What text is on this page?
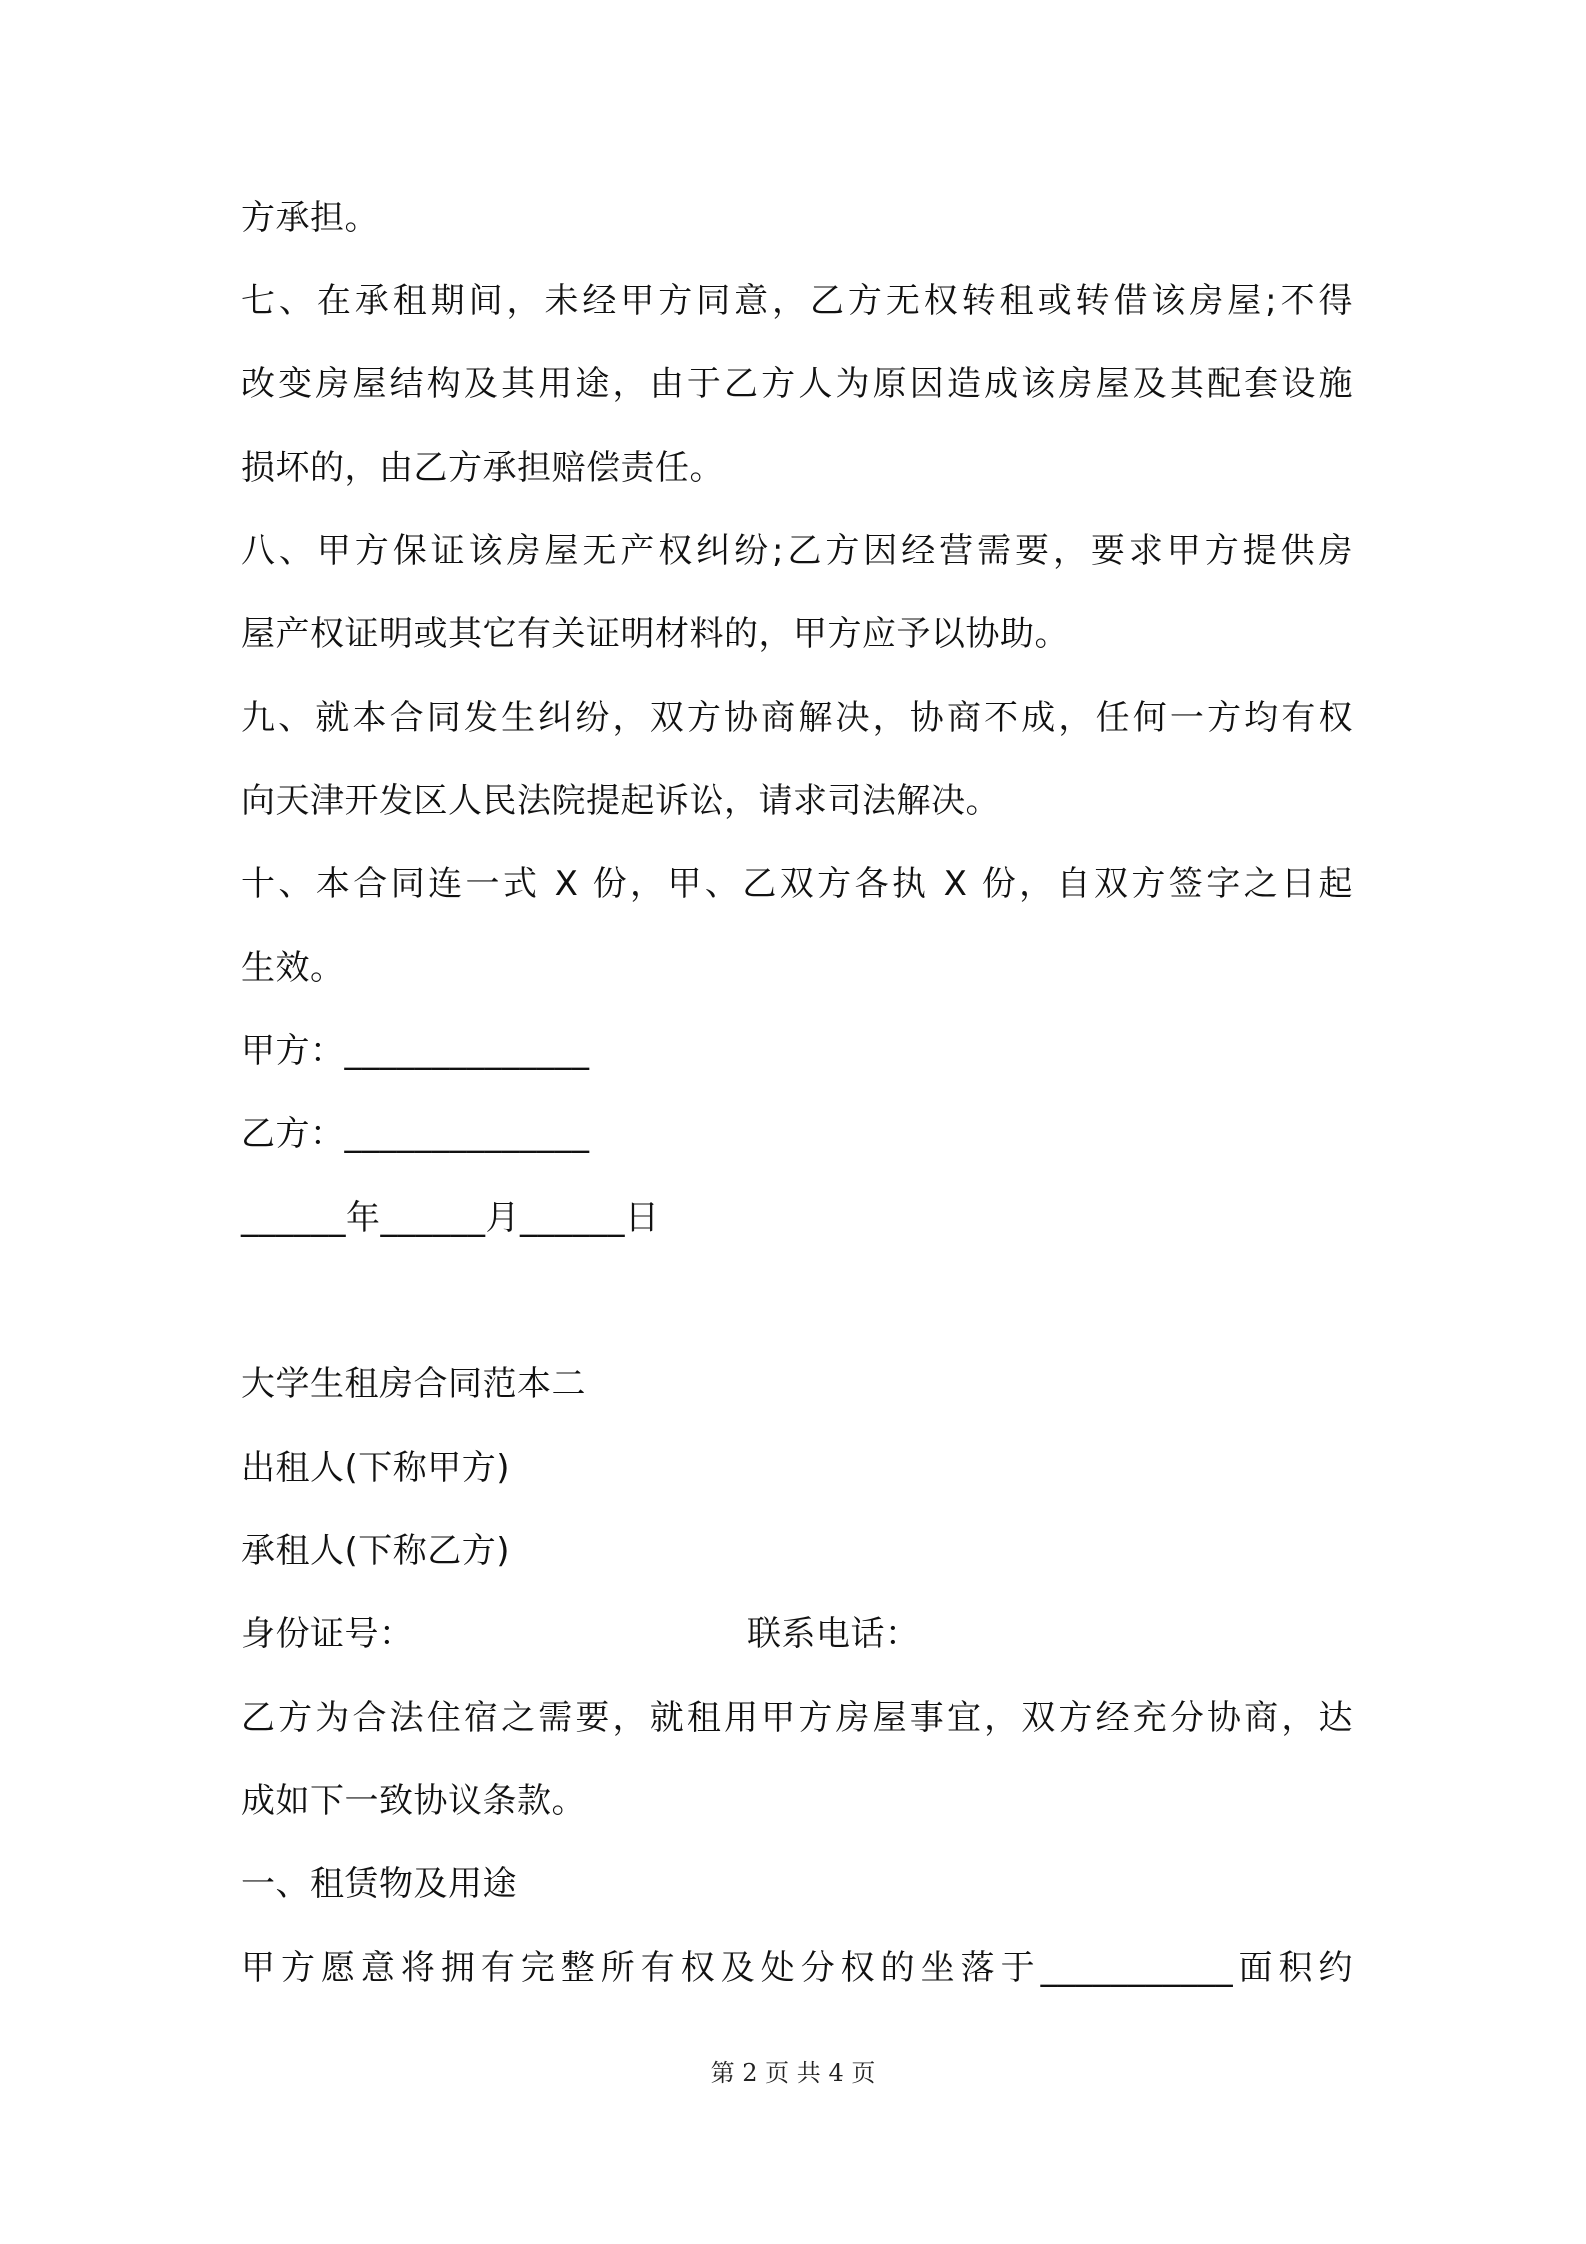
方承担。
七、在承租期间，未经甲方同意，乙方无权转租或转借该房屋;不得
改变房屋结构及其用途，由于乙方人为原因造成该房屋及其配套设施
损坏的，由乙方承担赔偿责任。
八、甲方保证该房屋无产权纠纷;乙方因经营需要，要求甲方提供房
屋产权证明或其它有关证明材料的，甲方应予以协助。
九、就本合同发生纠纷，双方协商解决，协商不成，任何一方均有权
向天津开发区人民法院提起诉讼，请求司法解决。
十、本合同连一式 X 份，甲、乙双方各执 X 份，自双方签字之日起
生效。
甲方：______________
乙方：______________
______年______月______日
大学生租房合同范本二
出租人(下称甲方)
承租人(下称乙方)
身份证号：	联系电话：
乙方为合法住宿之需要，就租用甲方房屋事宜，双方经充分协商，达
成如下一致协议条款。
一、租赁物及用途
甲方愿意将拥有完整所有权及处分权的坐落于___________面积约
第 2 页 共 4 页
